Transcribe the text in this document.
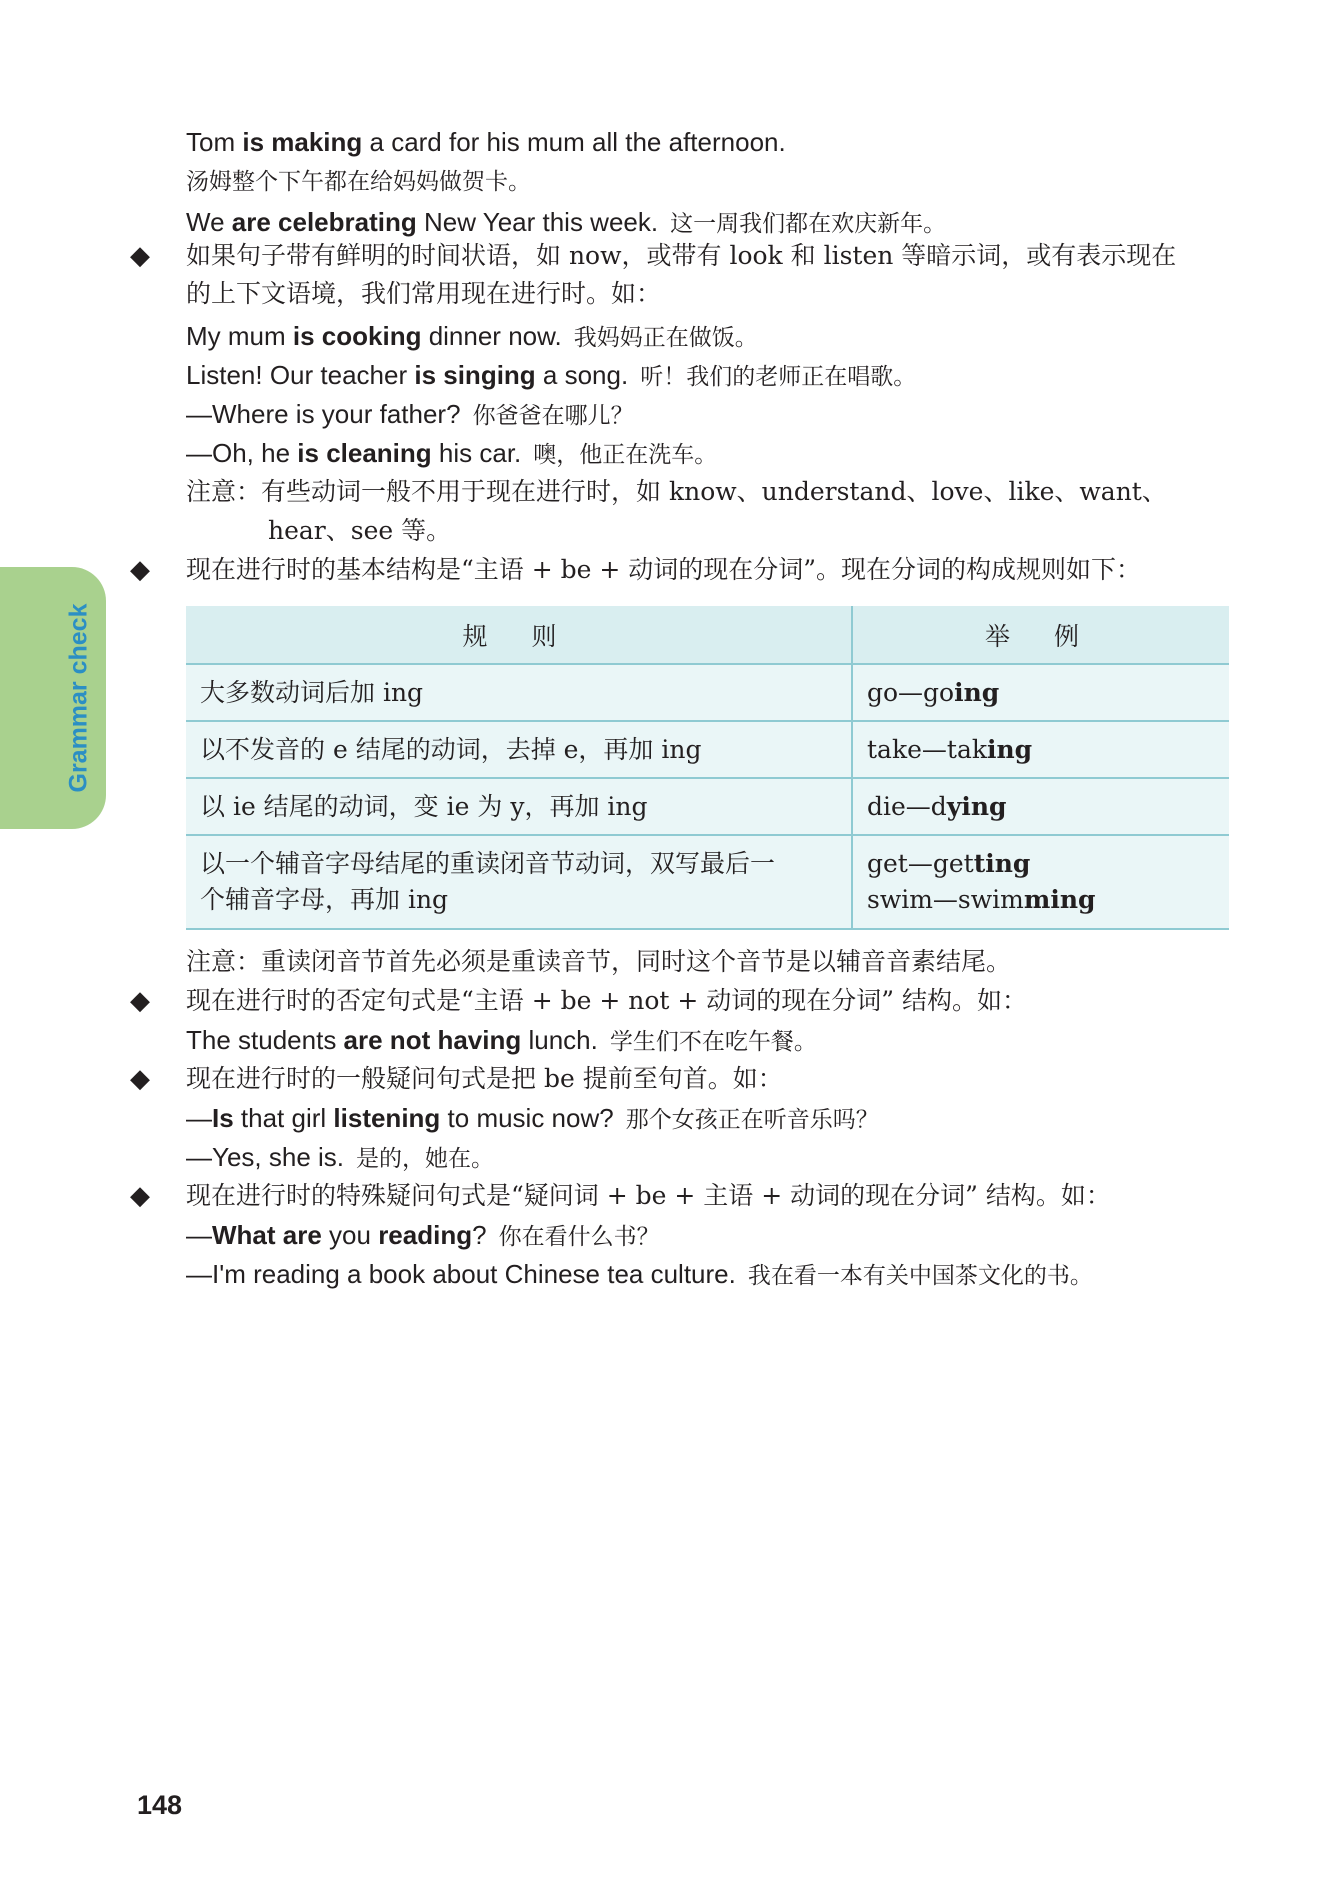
Grammar check
Tom is making a card for his mum all the afternoon.
汤姆整个下午都在给妈妈做贺卡。
We are celebrating New Year this week. 这一周我们都在欢庆新年。
◆ 如果句子带有鲜明的时间状语，如 now，或带有 look 和 listen 等暗示词，或有表示现在
的上下文语境，我们常用现在进行时。如：
My mum is cooking dinner now. 我妈妈正在做饭。
Listen! Our teacher is singing a song. 听！我们的老师正在唱歌。
—Where is your father? 你爸爸在哪儿？
—Oh, he is cleaning his car. 噢，他正在洗车。
注意：有些动词一般不用于现在进行时，如 know、understand、love、like、want、
hear、see 等。
◆ 现在进行时的基本结构是“主语 + be + 动词的现在分词”。现在分词的构成规则如下：
规 则	举 例
大多数动词后加 ing	go—going
以不发音的 e 结尾的动词，去掉 e，再加 ing	take—taking
以 ie 结尾的动词，变 ie 为 y，再加 ing	die—dying
以一个辅音字母结尾的重读闭音节动词，双写最后一
个辅音字母，再加 ing	get—getting
swim—swimming
注意：重读闭音节首先必须是重读音节，同时这个音节是以辅音音素结尾。
◆ 现在进行时的否定句式是“主语 + be + not + 动词的现在分词” 结构。如：
The students are not having lunch. 学生们不在吃午餐。
◆ 现在进行时的一般疑问句式是把 be 提前至句首。如：
—Is that girl listening to music now? 那个女孩正在听音乐吗？
—Yes, she is. 是的，她在。
◆ 现在进行时的特殊疑问句式是“疑问词 + be + 主语 + 动词的现在分词” 结构。如：
—What are you reading? 你在看什么书？
—I'm reading a book about Chinese tea culture. 我在看一本有关中国茶文化的书。
148
